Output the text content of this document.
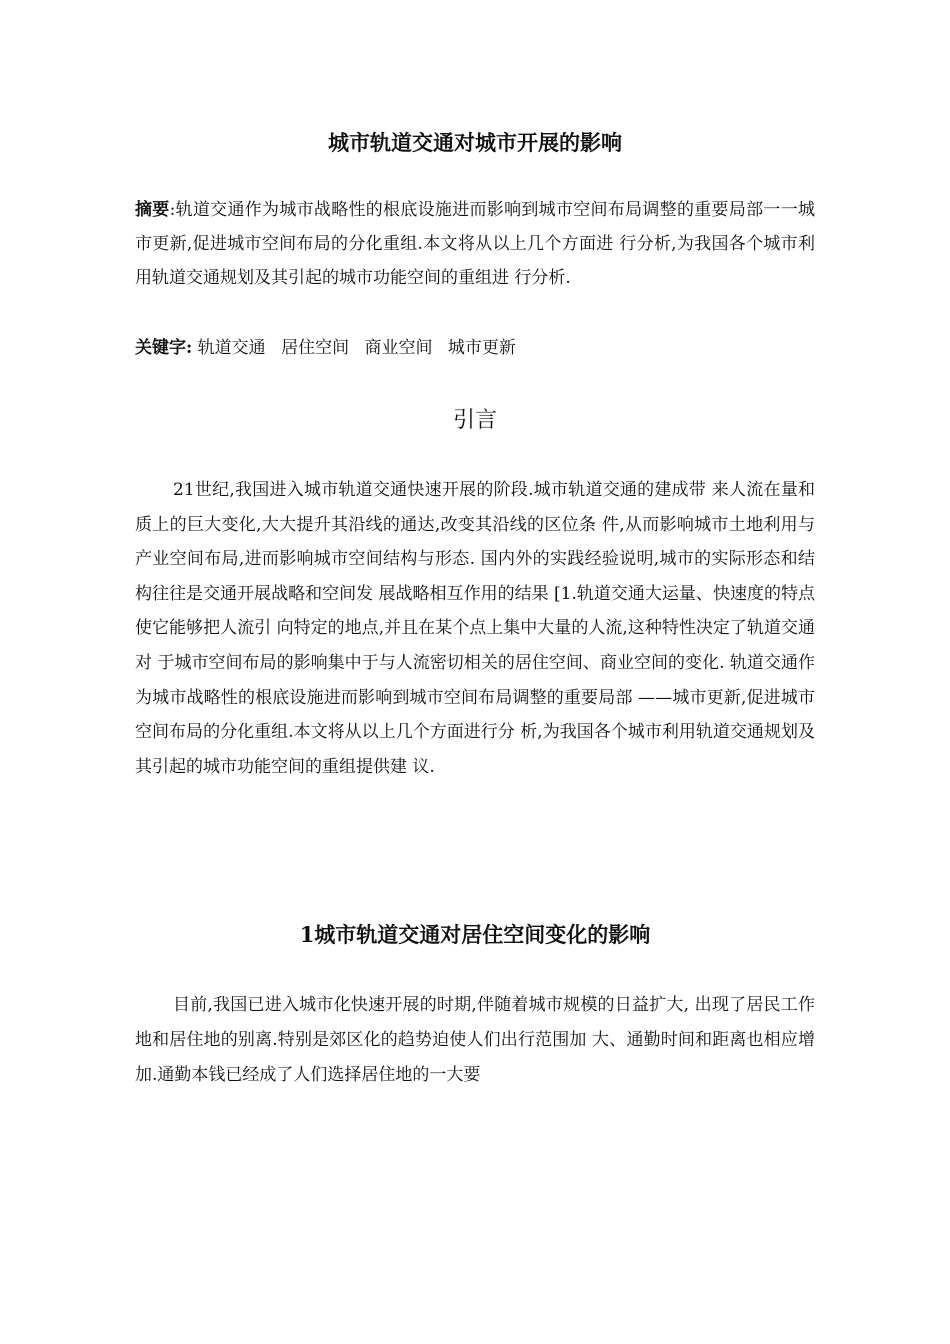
城市轨道交通对城市开展的影响
摘要:轨道交通作为城市战略性的根底设施进而影响到城市空间布局调整的重要局部一一城市更新,促进城市空间布局的分化重组.本文将从以上几个方面进 行分析,为我国各个城市利用轨道交通规划及其引起的城市功能空间的重组进 行分析.
关键字: 轨道交通 居住空间 商业空间 城市更新
引言
21世纪,我国进入城市轨道交通快速开展的阶段.城市轨道交通的建成带 来人流在量和质上的巨大变化,大大提升其沿线的通达,改变其沿线的区位条 件,从而影响城市土地利用与产业空间布局,进而影响城市空间结构与形态. 国内外的实践经验说明,城市的实际形态和结构往往是交通开展战略和空间发 展战略相互作用的结果 [1.轨道交通大运量、快速度的特点使它能够把人流引 向特定的地点,并且在某个点上集中大量的人流,这种特性决定了轨道交通对 于城市空间布局的影响集中于与人流密切相关的居住空间、商业空间的变化. 轨道交通作为城市战略性的根底设施进而影响到城市空间布局调整的重要局部 ——城市更新,促进城市空间布局的分化重组.本文将从以上几个方面进行分 析,为我国各个城市利用轨道交通规划及其引起的城市功能空间的重组提供建 议.
1城市轨道交通对居住空间变化的影响
目前,我国已进入城市化快速开展的时期,伴随着城市规模的日益扩大, 出现了居民工作地和居住地的别离.特别是郊区化的趋势迫使人们出行范围加 大、通勤时间和距离也相应增加.通勤本钱已经成了人们选择居住地的一大要
